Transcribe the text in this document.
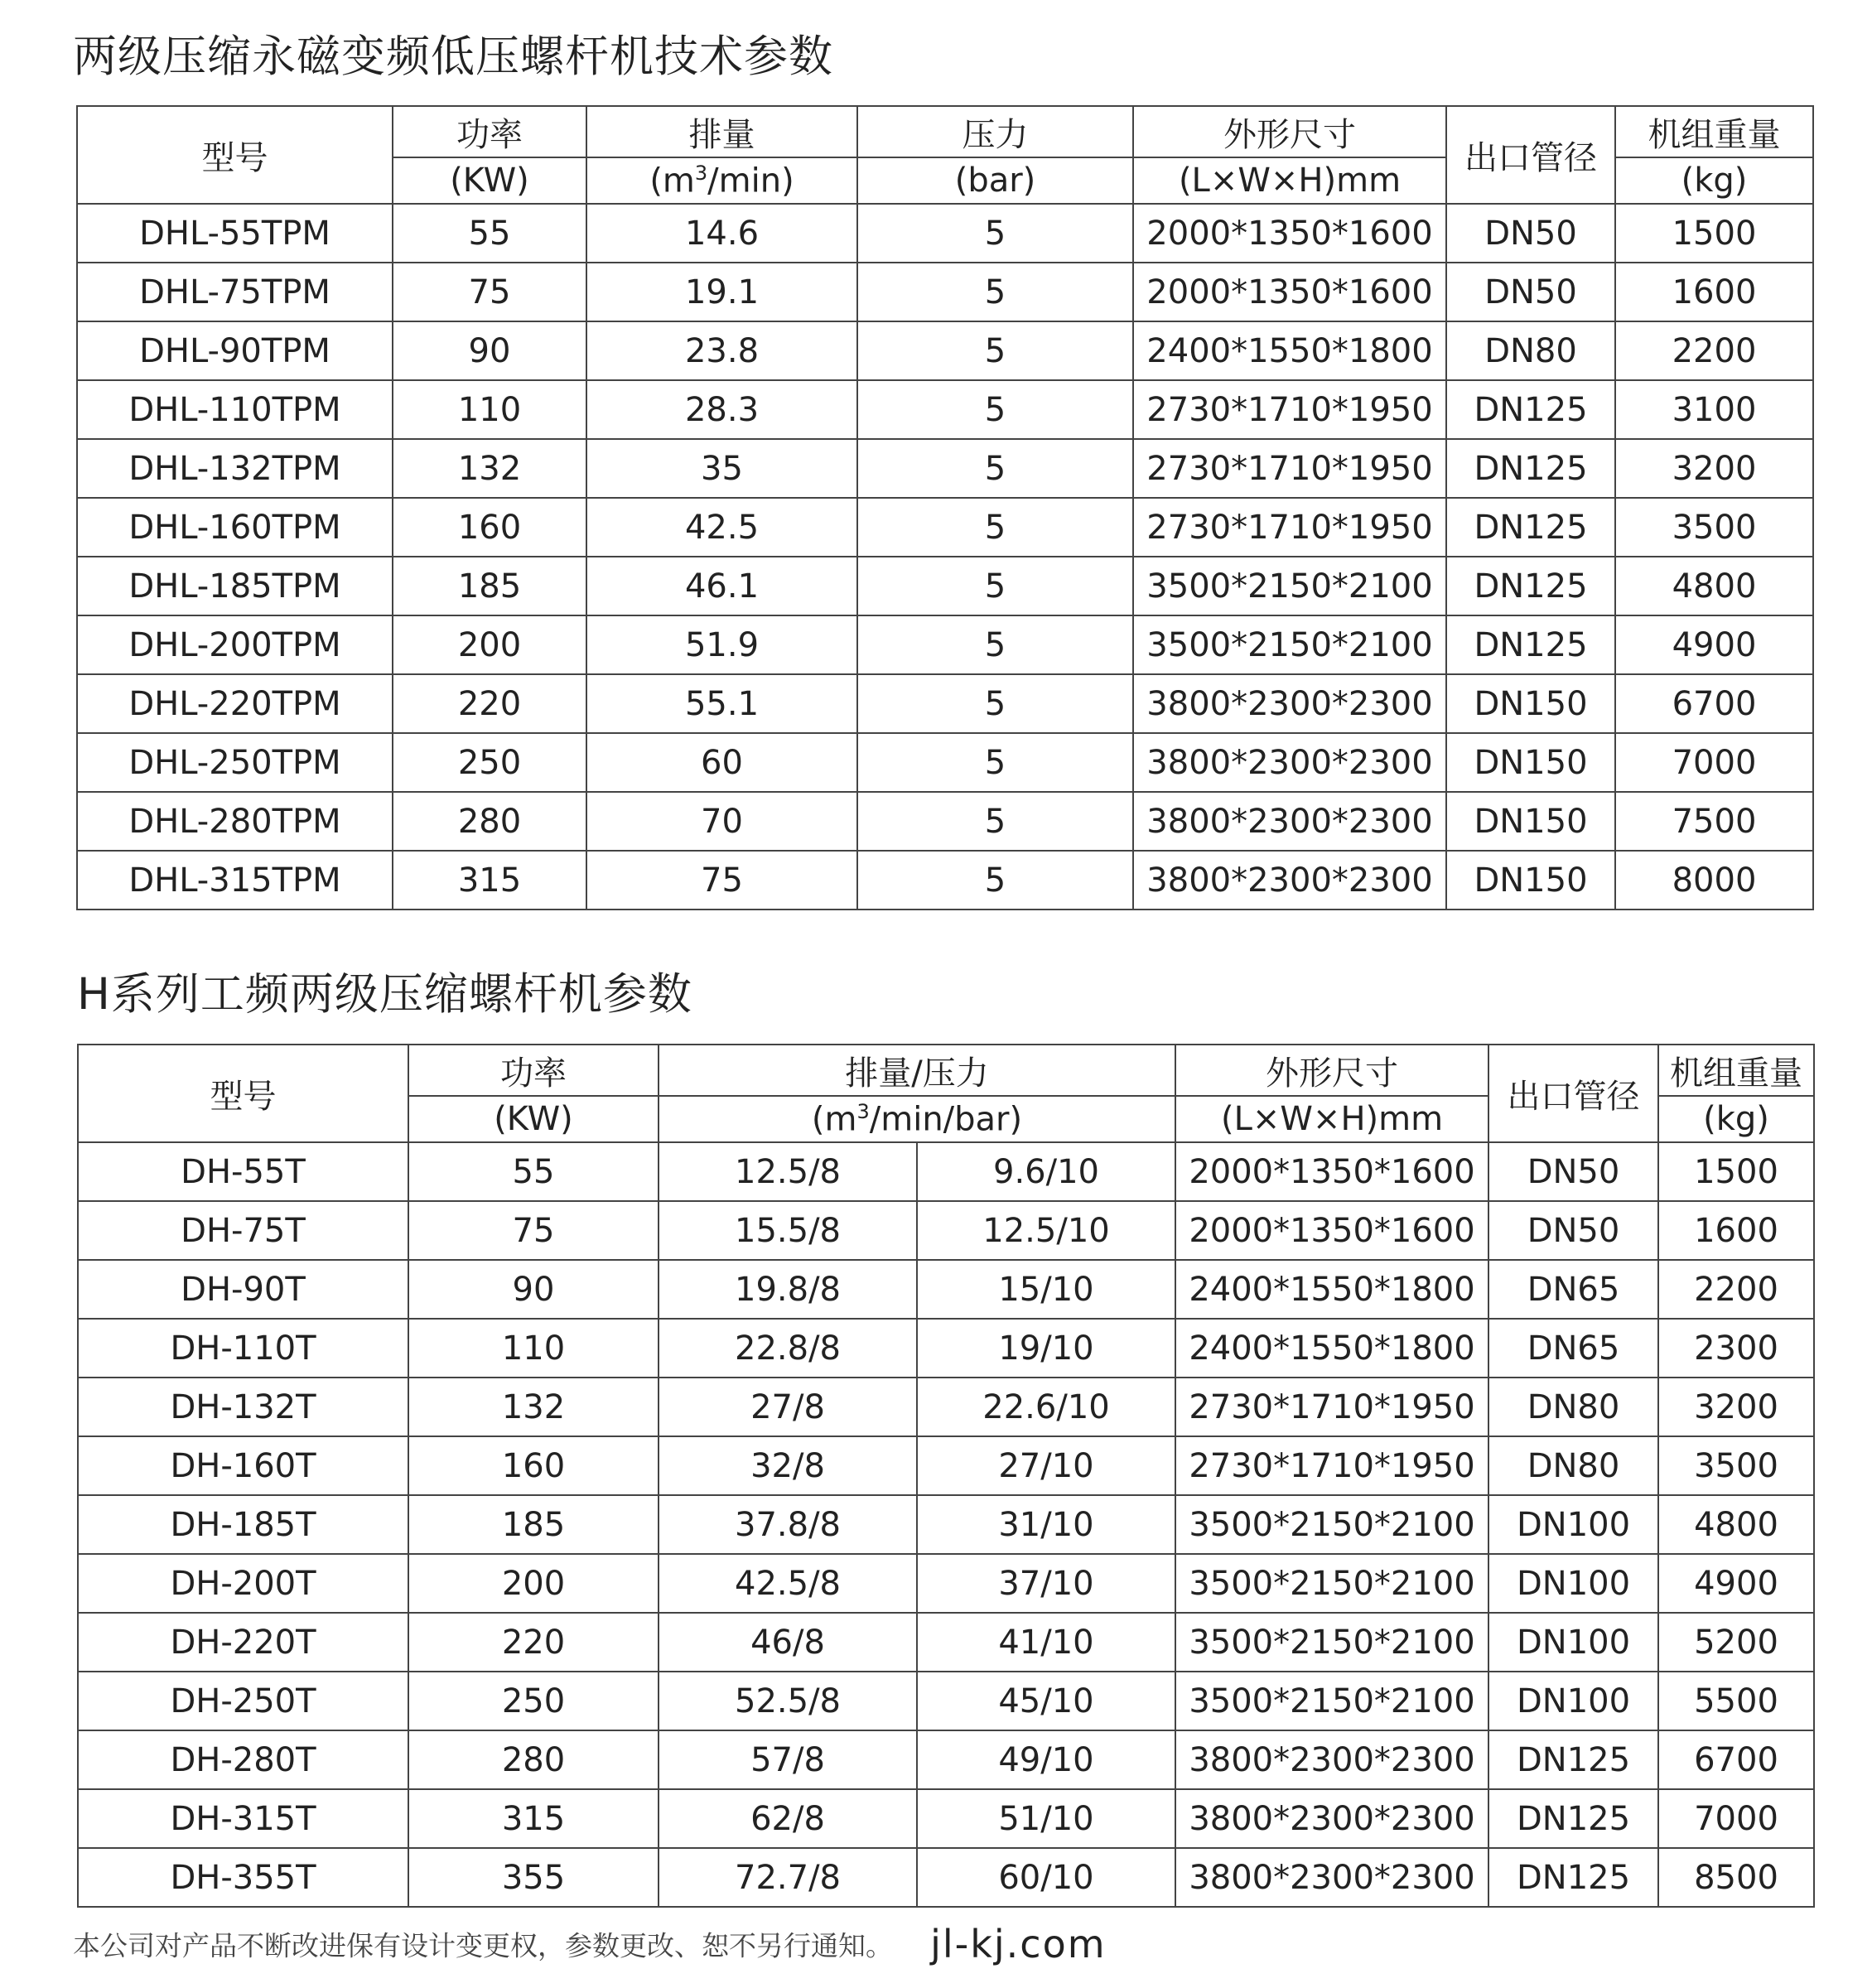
两级压缩永磁变频低压螺杆机技术参数
型号	功率	排量	压力	外形尺寸	出口管径	机组重量
	(KW)	$(m^3/\min)$	(bar)	(L×W×H)mm		(kg)
DHL-55TPM	55	14.6	5	2000*1350*1600	DN50	1500
DHL-75TPM	75	19.1	5	2000*1350*1600	DN50	1600
DHL-90TPM	90	23.8	5	2400*1550*1800	DN80	2200
DHL-110TPM	110	28.3	5	2730*1710*1950	DN125	3100
DHL-132TPM	132	35	5	2730*1710*1950	DN125	3200
DHL-160TPM	160	42.5	5	2730*1710*1950	DN125	3500
DHL-185TPM	185	46.1	5	3500*2150*2100	DN125	4800
DHL-200TPM	200	51.9	5	3500*2150*2100	DN125	4900
DHL-220TPM	220	55.1	5	3800*2300*2300	DN150	6700
DHL-250TPM	250	60	5	3800*2300*2300	DN150	7000
DHL-280TPM	280	70	5	3800*2300*2300	DN150	7500
DHL-315TPM	315	75	5	3800*2300*2300	DN150	8000
H系列工频两级压缩螺杆机参数
型号	功率	排量/压力		外形尺寸	出口管径	机组重量
	(KW)	$(m^3/\min/bar)$		(L×W×H)mm		(kg)
DH-55T	55	12.5/8	9.6/10	2000*1350*1600	DN50	1500
DH-75T	75	15.5/8	12.5/10	2000*1350*1600	DN50	1600
DH-90T	90	19.8/8	15/10	2400*1550*1800	DN65	2200
DH-110T	110	22.8/8	19/10	2400*1550*1800	DN65	2300
DH-132T	132	27/8	22.6/10	2730*1710*1950	DN80	3200
DH-160T	160	32/8	27/10	2730*1710*1950	DN80	3500
DH-185T	185	37.8/8	31/10	3500*2150*2100	DN100	4800
DH-200T	200	42.5/8	37/10	3500*2150*2100	DN100	4900
DH-220T	220	46/8	41/10	3500*2150*2100	DN100	5200
DH-250T	250	52.5/8	45/10	3500*2150*2100	DN100	5500
DH-280T	280	57/8	49/10	3800*2300*2300	DN125	6700
DH-315T	315	62/8	51/10	3800*2300*2300	DN125	7000
DH-355T	355	72.7/8	60/10	3800*2300*2300	DN125	8500
本公司对产品不断改进保有设计变更权，参数更改、恕不另行通知。 jl-kj.com
